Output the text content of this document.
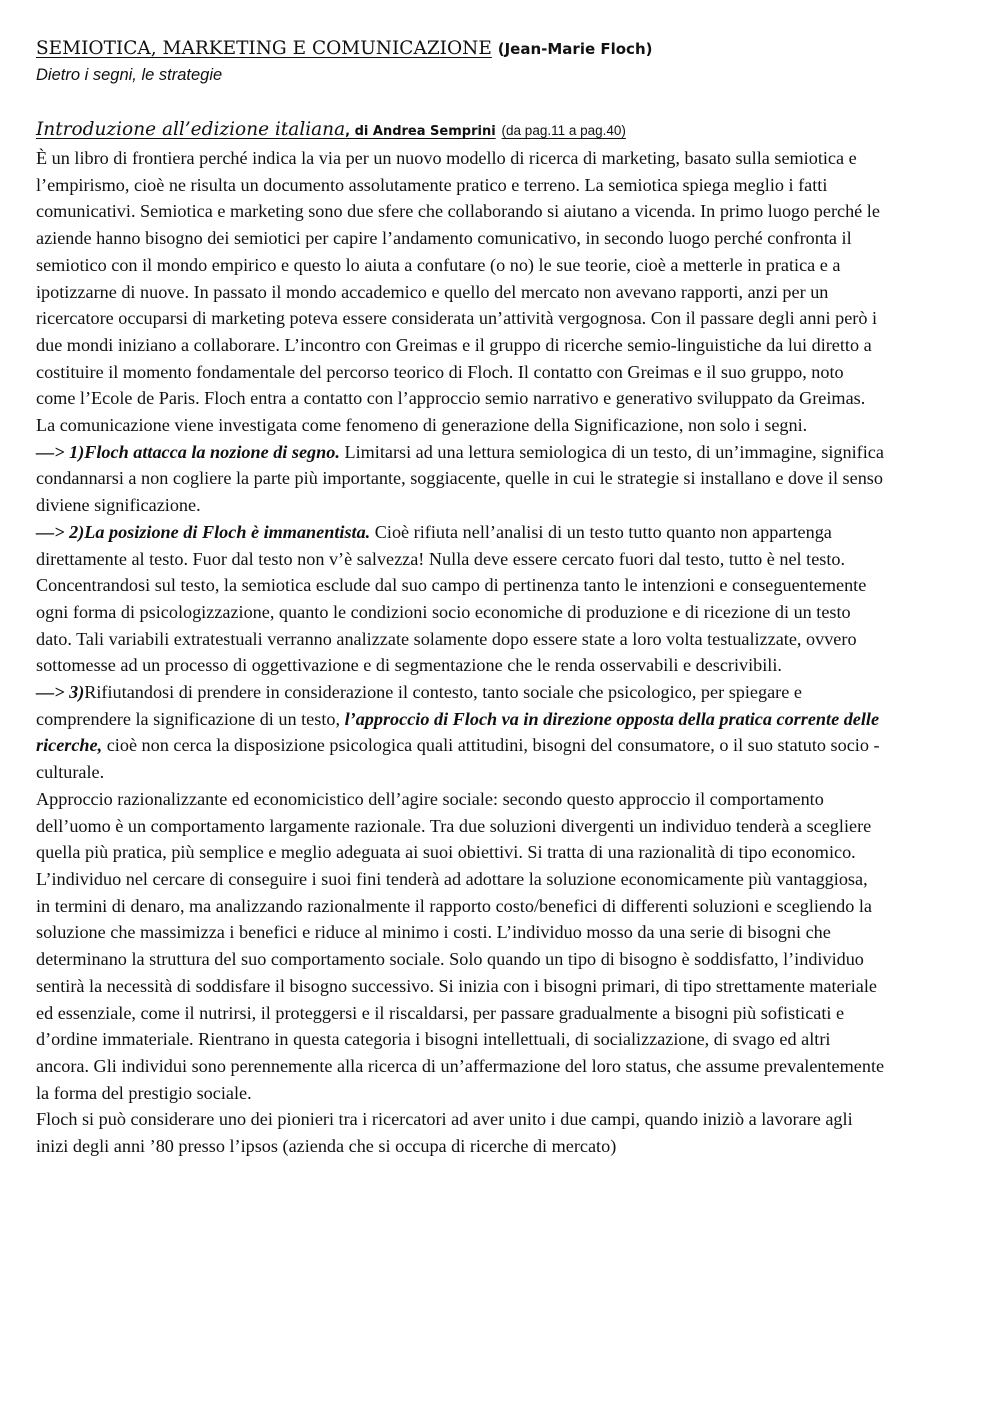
SEMIOTICA, MARKETING E COMUNICAZIONE (Jean-Marie Floch)
Dietro i segni, le strategie
Introduzione all’edizione italiana, di Andrea Semprini (da pag.11 a pag.40)

È un libro di frontiera perché indica la via per un nuovo modello di ricerca di marketing, basato sulla semiotica e l’empirismo, cioè ne risulta un documento assolutamente pratico e terreno. La semiotica spiega meglio i fatti comunicativi. Semiotica e marketing sono due sfere che collaborando si aiutano a vicenda. In primo luogo perché le aziende hanno bisogno dei semiotici per capire l’andamento comunicativo, in secondo luogo perché confronta il semiotico con il mondo empirico e questo lo aiuta a confutare (o no) le sue teorie, cioè a metterle in pratica e a ipotizzarne di nuove. In passato il mondo accademico e quello del mercato non avevano rapporti, anzi per un ricercatore occuparsi di marketing poteva essere considerata un’attività vergognosa. Con il passare degli anni però i due mondi iniziano a collaborare. L’incontro con Greimas e il gruppo di ricerche semio-linguistiche da lui diretto a costituire il momento fondamentale del percorso teorico di Floch. Il contatto con Greimas e il suo gruppo, noto come l’Ecole de Paris. Floch entra a contatto con l’approccio semio narrativo e generativo sviluppato da Greimas. La comunicazione viene investigata come fenomeno di generazione della Significazione, non solo i segni.

—> 1)Floch attacca la nozione di segno. Limitarsi ad una lettura semiologica di un testo, di un’immagine, significa condannarsi a non cogliere la parte più importante, soggiacente, quelle in cui le strategie si installano e dove il senso diviene significazione.

—> 2)La posizione di Floch è immanentista. Cioè rifiuta nell’analisi di un testo tutto quanto non appartenga direttamente al testo. Fuor dal testo non v’è salvezza! Nulla deve essere cercato fuori dal testo, tutto è nel testo. Concentrandosi sul testo, la semiotica esclude dal suo campo di pertinenza tanto le intenzioni e conseguentemente ogni forma di psicologizzazione, quanto le condizioni socio economiche di produzione e di ricezione di un testo dato. Tali variabili extratestuali verranno analizzate solamente dopo essere state a loro volta testualizzate, ovvero sottomesse ad un processo di oggettivazione e di segmentazione che le renda osservabili e descrivibili.

—> 3)Rifiutandosi di prendere in considerazione il contesto, tanto sociale che psicologico, per spiegare e comprendere la significazione di un testo, l’approccio di Floch va in direzione opposta della pratica corrente delle ricerche, cioè non cerca la disposizione psicologica quali attitudini, bisogni del consumatore, o il suo statuto socio - culturale.

Approccio razionalizzante ed economicistico dell’agire sociale: secondo questo approccio il comportamento dell’uomo è un comportamento largamente razionale. Tra due soluzioni divergenti un individuo tenderà a scegliere quella più pratica, più semplice e meglio adeguata ai suoi obiettivi. Si tratta di una razionalità di tipo economico. L’individuo nel cercare di conseguire i suoi fini tenderà ad adottare la soluzione economicamente più vantaggiosa, in termini di denaro, ma analizzando razionalmente il rapporto costo/benefici di differenti soluzioni e scegliendo la soluzione che massimizza i benefici e riduce al minimo i costi. L’individuo mosso da una serie di bisogni che determinano la struttura del suo comportamento sociale. Solo quando un tipo di bisogno è soddisfatto, l’individuo sentirà la necessità di soddisfare il bisogno successivo. Si inizia con i bisogni primari, di tipo strettamente materiale ed essenziale, come il nutrirsi, il proteggersi e il riscaldarsi, per passare gradualmente a bisogni più sofisticati e d’ordine immateriale. Rientrano in questa categoria i bisogni intellettuali, di socializzazione, di svago ed altri ancora. Gli individui sono perennemente alla ricerca di un’affermazione del loro status, che assume prevalentemente

la forma del prestigio sociale.

Floch si può considerare uno dei pionieri tra i ricercatori ad aver unito i due campi, quando iniziò a lavorare agli inizi degli anni ’80 presso l’ipsos (azienda che si occupa di ricerche di mercato)
